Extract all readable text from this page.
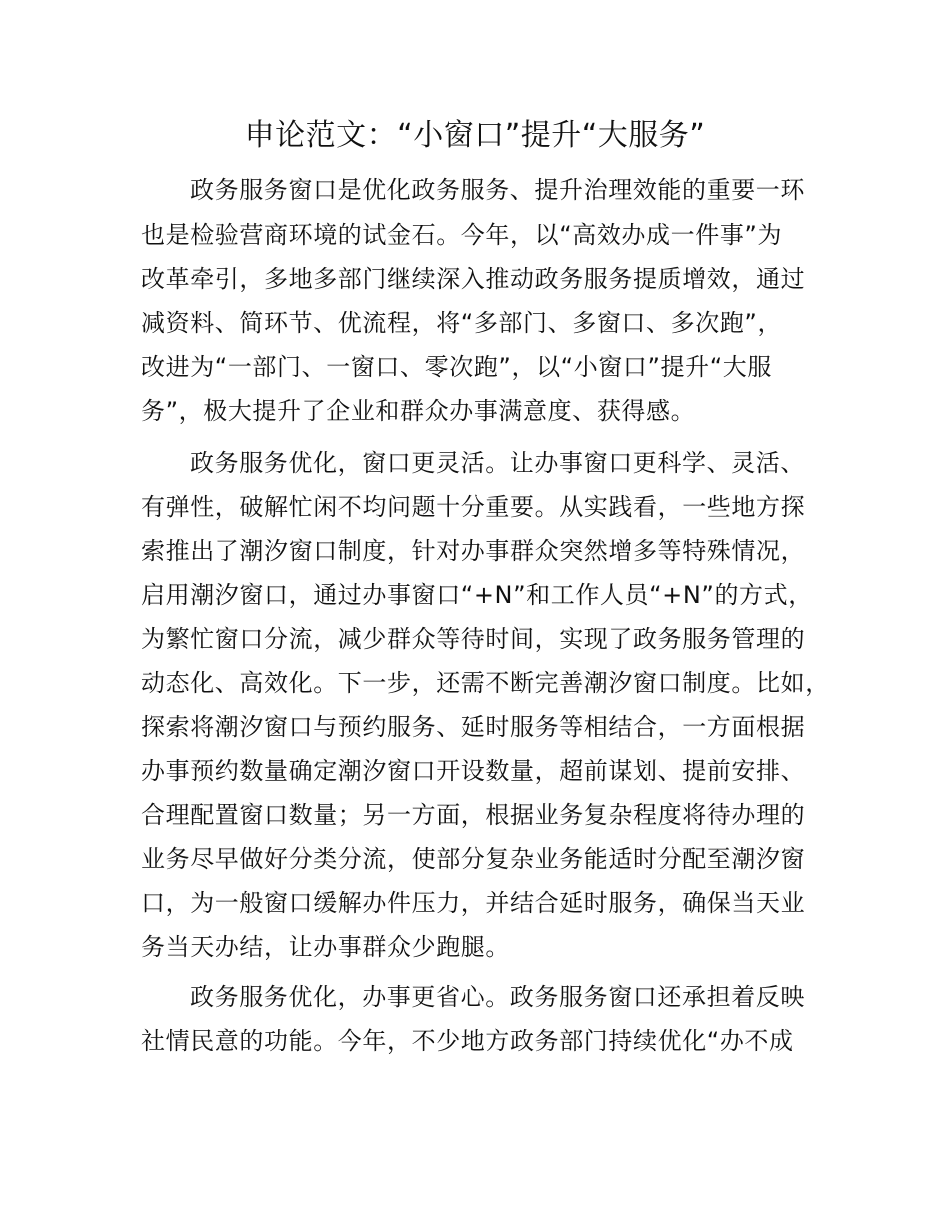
申论范文：“小窗口”提升“大服务”
政务服务窗口是优化政务服务、提升治理效能的重要一环
也是检验营商环境的试金石。今年，以“高效办成一件事”为
改革牵引，多地多部门继续深入推动政务服务提质增效，通过
减资料、简环节、优流程，将“多部门、多窗口、多次跑”，
改进为“一部门、一窗口、零次跑”，以“小窗口”提升“大服
务”，极大提升了企业和群众办事满意度、获得感。
政务服务优化，窗口更灵活。让办事窗口更科学、灵活、
有弹性，破解忙闲不均问题十分重要。从实践看，一些地方探
索推出了潮汐窗口制度，针对办事群众突然增多等特殊情况，
启用潮汐窗口，通过办事窗口“+N”和工作人员“+N”的方式，
为繁忙窗口分流，减少群众等待时间，实现了政务服务管理的
动态化、高效化。下一步，还需不断完善潮汐窗口制度。比如，
探索将潮汐窗口与预约服务、延时服务等相结合，一方面根据
办事预约数量确定潮汐窗口开设数量，超前谋划、提前安排、
合理配置窗口数量；另一方面，根据业务复杂程度将待办理的
业务尽早做好分类分流，使部分复杂业务能适时分配至潮汐窗
口，为一般窗口缓解办件压力，并结合延时服务，确保当天业
务当天办结，让办事群众少跑腿。
政务服务优化，办事更省心。政务服务窗口还承担着反映
社情民意的功能。今年，不少地方政务部门持续优化“办不成
